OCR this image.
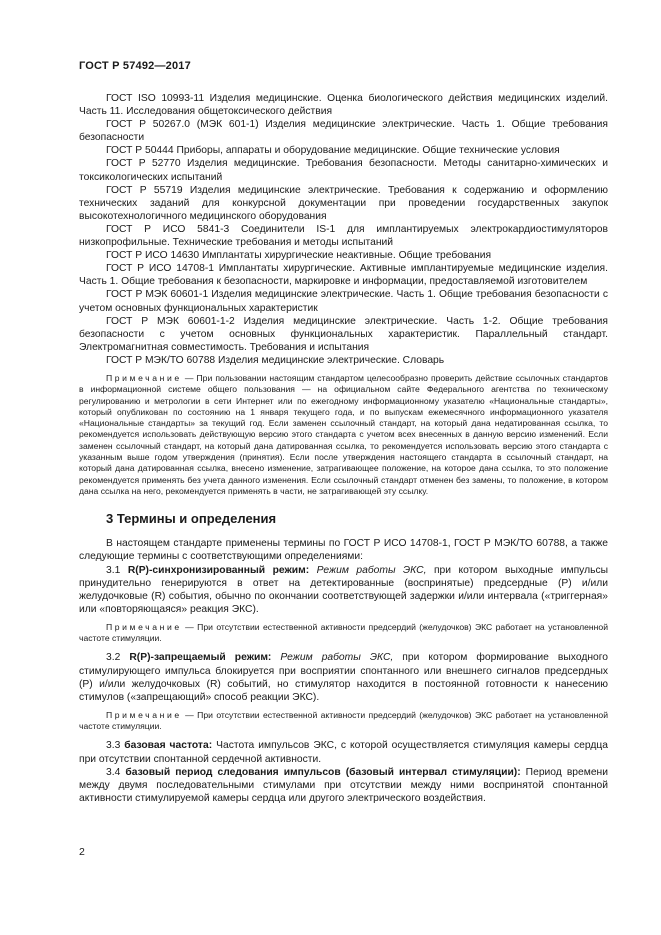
ГОСТ Р 57492—2017

ГОСТ ISO 10993-11 Изделия медицинские. Оценка биологического действия медицинских изделий. Часть 11. Исследования общетоксического действия

ГОСТ Р 50267.0 (МЭК 601-1) Изделия медицинские электрические. Часть 1. Общие требования безопасности

ГОСТ Р 50444 Приборы, аппараты и оборудование медицинские. Общие технические условия

ГОСТ Р 52770 Изделия медицинские. Требования безопасности. Методы санитарно-химических и токсикологических испытаний

ГОСТ Р 55719 Изделия медицинские электрические. Требования к содержанию и оформлению технических заданий для конкурсной документации при проведении государственных закупок высокотехнологичного медицинского оборудования

ГОСТ Р ИСО 5841-3 Соединители IS-1 для имплантируемых электрокардиостимуляторов низкопрофильные. Технические требования и методы испытаний

ГОСТ Р ИСО 14630 Имплантаты хирургические неактивные. Общие требования

ГОСТ Р ИСО 14708-1 Имплантаты хирургические. Активные имплантируемые медицинские изделия. Часть 1. Общие требования к безопасности, маркировке и информации, предоставляемой изготовителем

ГОСТ Р МЭК 60601-1 Изделия медицинские электрические. Часть 1. Общие требования безопасности с учетом основных функциональных характеристик

ГОСТ Р МЭК 60601-1-2 Изделия медицинские электрические. Часть 1-2. Общие требования безопасности с учетом основных функциональных характеристик. Параллельный стандарт. Электромагнитная совместимость. Требования и испытания

ГОСТ Р МЭК/ТО 60788 Изделия медицинские электрические. Словарь

Примечание — При пользовании настоящим стандартом целесообразно проверить действие ссылочных стандартов в информационной системе общего пользования — на официальном сайте Федерального агентства по техническому регулированию и метрологии в сети Интернет или по ежегодному информационному указателю «Национальные стандарты», который опубликован по состоянию на 1 января текущего года, и по выпускам ежемесячного информационного указателя «Национальные стандарты» за текущий год. Если заменен ссылочный стандарт, на который дана недатированная ссылка, то рекомендуется использовать действующую версию этого стандарта с учетом всех внесенных в данную версию изменений. Если заменен ссылочный стандарт, на который дана датированная ссылка, то рекомендуется использовать версию этого стандарта с указанным выше годом утверждения (принятия). Если после утверждения настоящего стандарта в ссылочный стандарт, на который дана датированная ссылка, внесено изменение, затрагивающее положение, на которое дана ссылка, то это положение рекомендуется применять без учета данного изменения. Если ссылочный стандарт отменен без замены, то положение, в котором дана ссылка на него, рекомендуется применять в части, не затрагивающей эту ссылку.

3 Термины и определения

В настоящем стандарте применены термины по ГОСТ Р ИСО 14708-1, ГОСТ Р МЭК/ТО 60788, а также следующие термины с соответствующими определениями:

3.1 R(P)-синхронизированный режим: Режим работы ЭКС, при котором выходные импульсы принудительно генерируются в ответ на детектированные (воспринятые) предсердные (Р) и/или желудочковые (R) события, обычно по окончании соответствующей задержки и/или интервала («триггерная» или «повторяющаяся» реакция ЭКС).

Примечание — При отсутствии естественной активности предсердий (желудочков) ЭКС работает на установленной частоте стимуляции.

3.2 R(P)-запрещаемый режим: Режим работы ЭКС, при котором формирование выходного стимулирующего импульса блокируется при восприятии спонтанного или внешнего сигналов предсердных (Р) и/или желудочковых (R) событий, но стимулятор находится в постоянной готовности к нанесению стимулов («запрещающий» способ реакции ЭКС).

Примечание — При отсутствии естественной активности предсердий (желудочков) ЭКС работает на установленной частоте стимуляции.

3.3 базовая частота: Частота импульсов ЭКС, с которой осуществляется стимуляция камеры сердца при отсутствии спонтанной сердечной активности.

3.4 базовый период следования импульсов (базовый интервал стимуляции): Период времени между двумя последовательными стимулами при отсутствии между ними воспринятой спонтанной активности стимулируемой камеры сердца или другого электрического воздействия.

2
